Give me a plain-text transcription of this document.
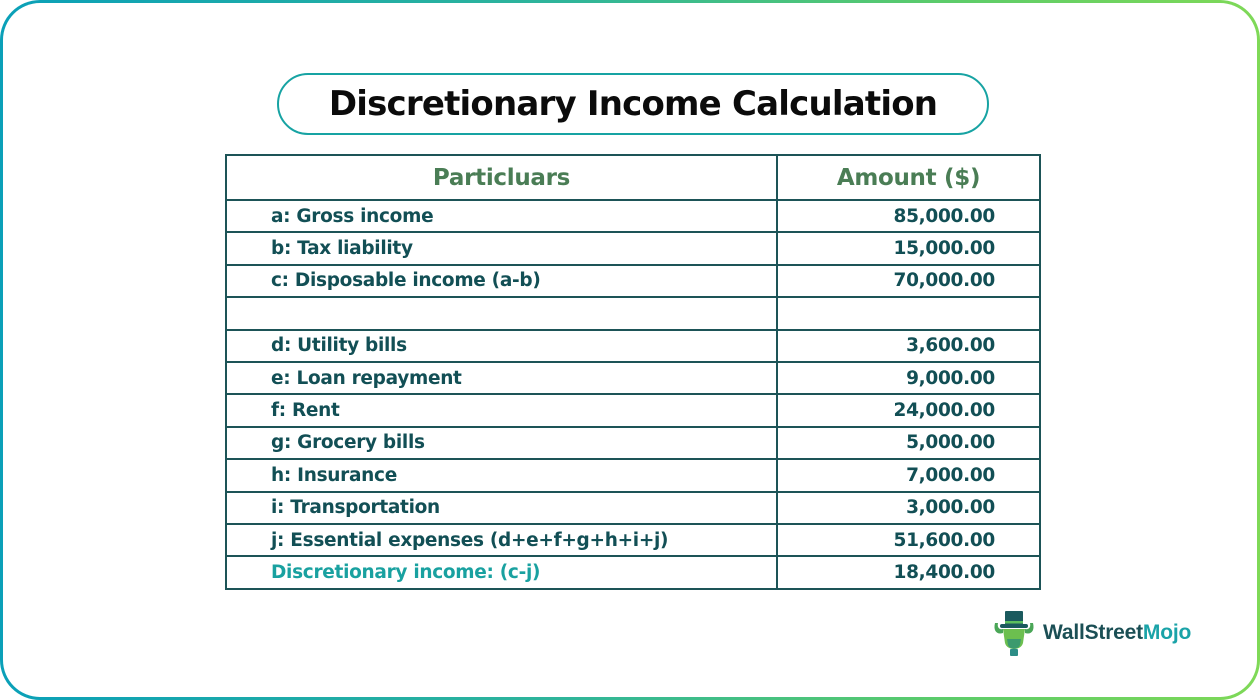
Discretionary Income Calculation
Particluars	Amount ($)
a: Gross income	85,000.00
b: Tax liability	15,000.00
c: Disposable income (a-b)	70,000.00

d: Utility bills	3,600.00
e: Loan repayment	9,000.00
f: Rent	24,000.00
g: Grocery bills	5,000.00
h: Insurance	7,000.00
i: Transportation	3,000.00
j: Essential expenses (d+e+f+g+h+i+j)	51,600.00
Discretionary income: (c-j)	18,400.00
WallStreetMojo
